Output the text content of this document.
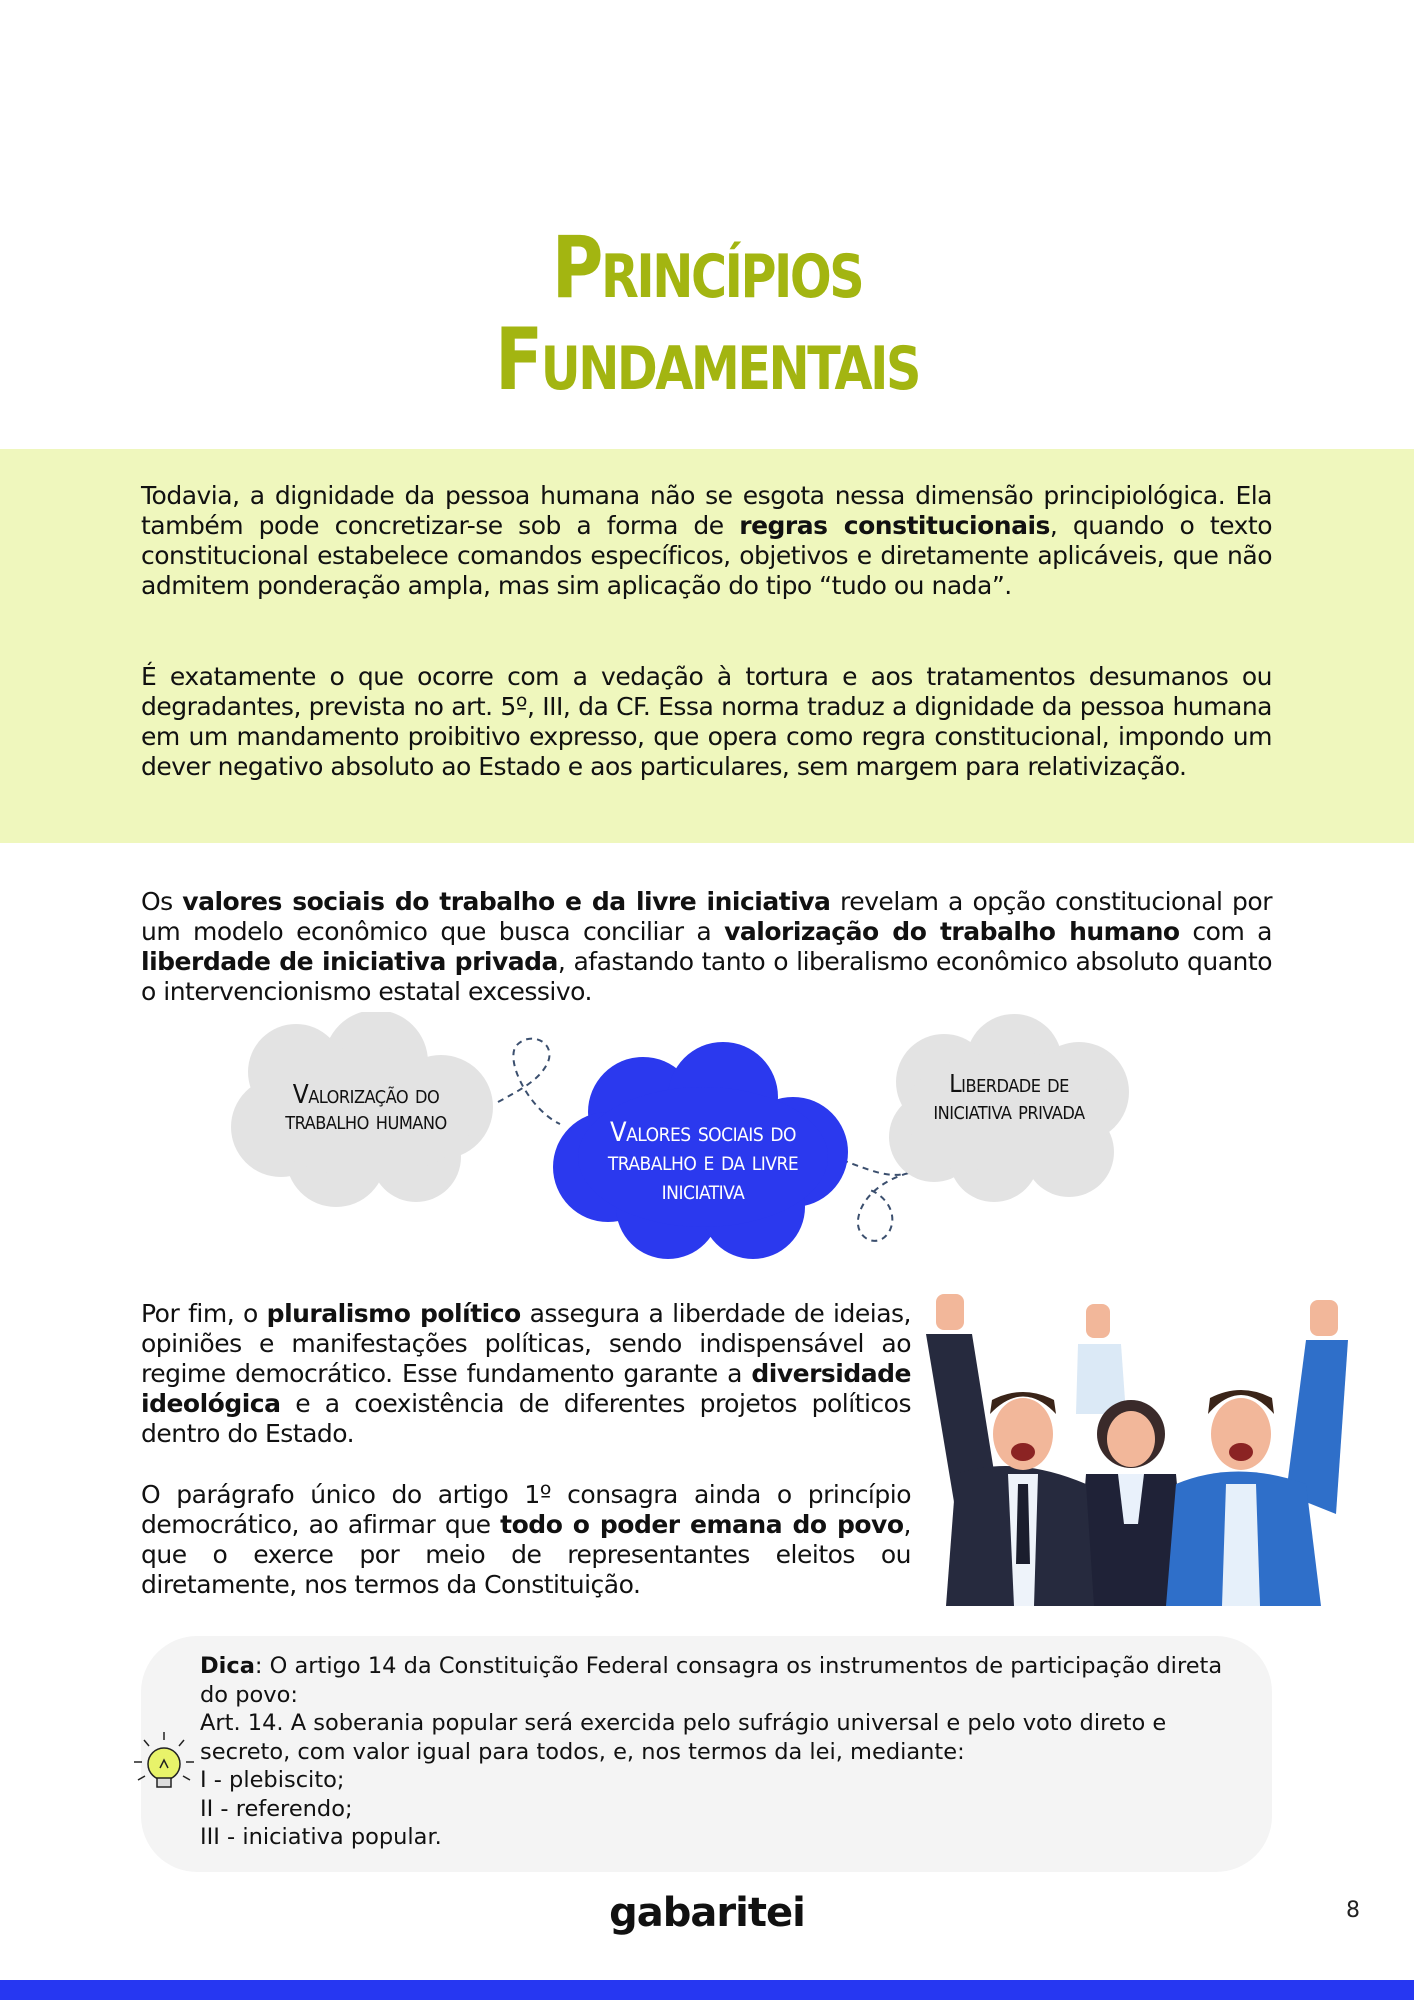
Princípios
Fundamentais

Todavia, a dignidade da pessoa humana não se esgota nessa dimensão principiológica. Ela também pode concretizar-se sob a forma de regras constitucionais, quando o texto constitucional estabelece comandos específicos, objetivos e diretamente aplicáveis, que não admitem ponderação ampla, mas sim aplicação do tipo “tudo ou nada”.

É exatamente o que ocorre com a vedação à tortura e aos tratamentos desumanos ou degradantes, prevista no art. 5º, III, da CF. Essa norma traduz a dignidade da pessoa humana em um mandamento proibitivo expresso, que opera como regra constitucional, impondo um dever negativo absoluto ao Estado e aos particulares, sem margem para relativização.

Os valores sociais do trabalho e da livre iniciativa revelam a opção constitucional por um modelo econômico que busca conciliar a valorização do trabalho humano com a liberdade de iniciativa privada, afastando tanto o liberalismo econômico absoluto quanto o intervencionismo estatal excessivo.

Valorização do
trabalho humano	Valores sociais do
trabalho e da livre
iniciativa
Liberdade de
iniciativa privada

Por fim, o pluralismo político assegura a liberdade de ideias, opiniões e manifestações políticas, sendo indispensável ao regime democrático. Esse fundamento garante a diversidade ideológica e a coexistência de diferentes projetos políticos dentro do Estado.

O parágrafo único do artigo 1º consagra ainda o princípio democrático, ao afirmar que todo o poder emana do povo, que o exerce por meio de representantes eleitos ou diretamente, nos termos da Constituição.

Dica: O artigo 14 da Constituição Federal consagra os instrumentos de participação direta do povo:

Art. 14. A soberania popular será exercida pelo sufrágio universal e pelo voto direto e secreto, com valor igual para todos, e, nos termos da lei, mediante:

I - plebiscito;

II - referendo;

III - iniciativa popular.

gabaritei	8
